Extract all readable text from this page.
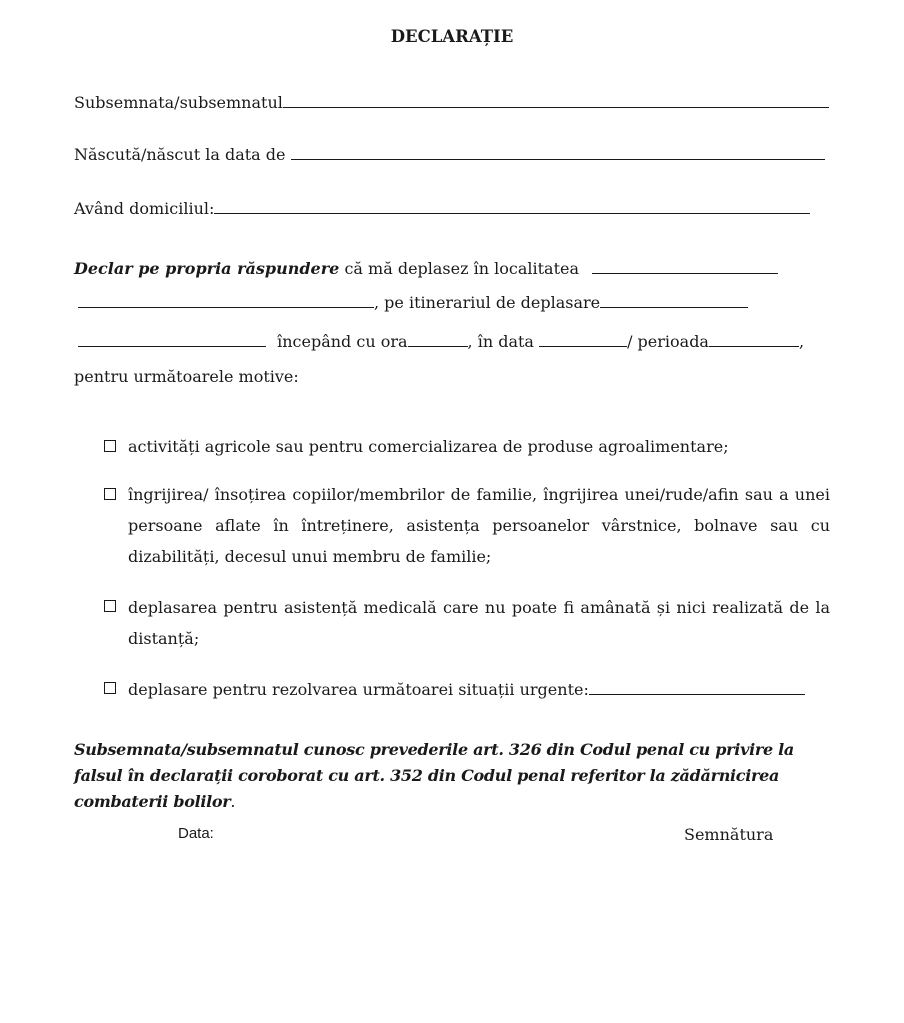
DECLARAȚIE
Subsemnata/subsemnatul
Născută/născut la data de
Având domiciliul:
Declar pe propria răspundere că mă deplasez în localitatea
, pe itinerariul de deplasare
începând cu ora	, în data	/ perioada	,
pentru următoarele motive:
activități agricole sau pentru comercializarea de produse agroalimentare;
îngrijirea/ însoțirea copiilor/membrilor de familie, îngrijirea unei/rude/afin sau a unei persoane aflate în întreținere, asistența persoanelor vârstnice, bolnave sau cu dizabilități, decesul unui membru de familie;
deplasarea pentru asistență medicală care nu poate fi amânată și nici realizată de la distanță;
deplasare pentru rezolvarea următoarei situații urgente:
Subsemnata/subsemnatul cunosc prevederile art. 326 din Codul penal cu privire la falsul în declarații coroborat cu art. 352 din Codul penal referitor la zădărnicirea combaterii bolilor.
Data:	Semnătura
